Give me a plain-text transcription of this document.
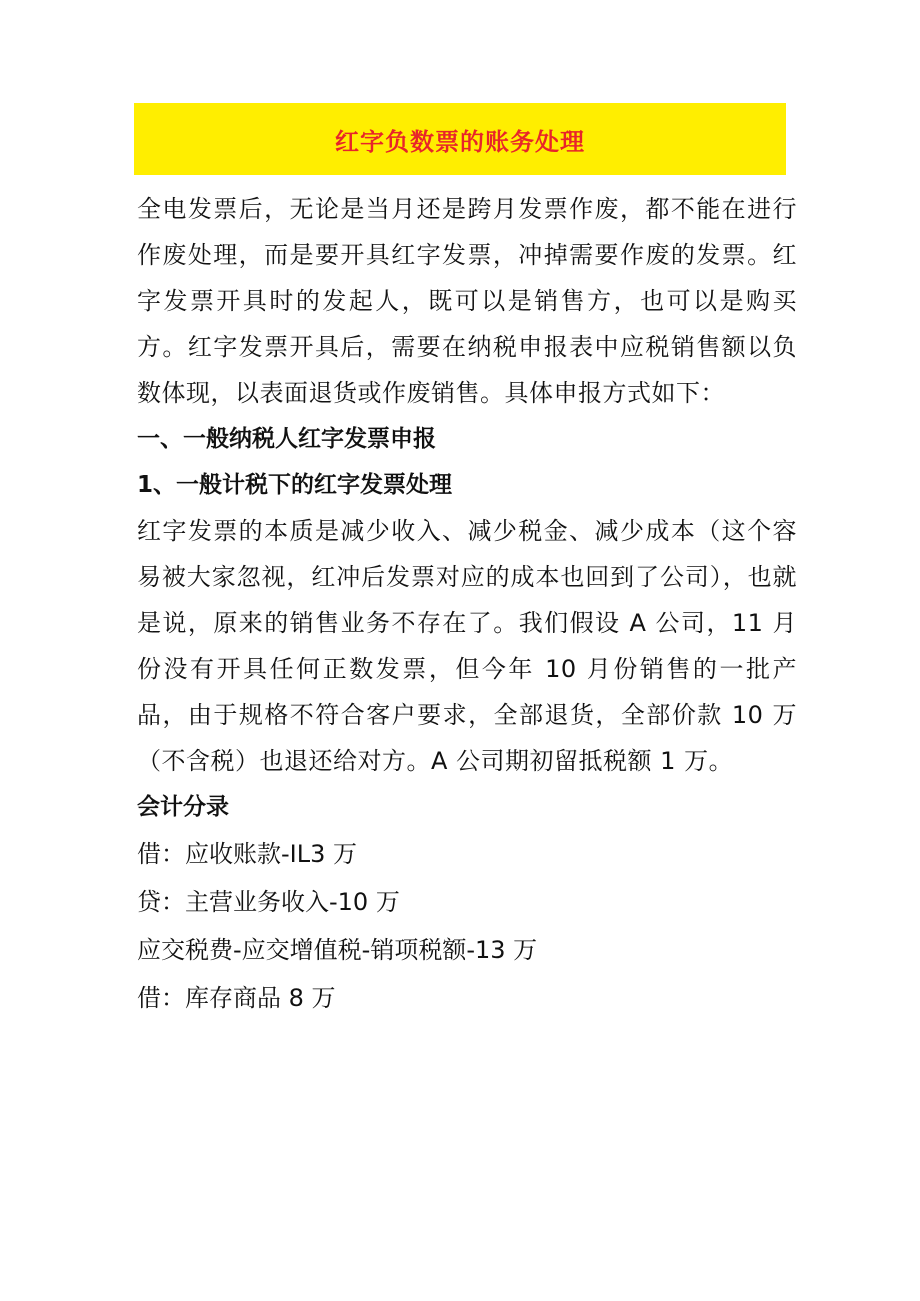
红字负数票的账务处理

全电发票后，无论是当月还是跨月发票作废，都不能在进行作废处理，而是要开具红字发票，冲掉需要作废的发票。红字发票开具时的发起人，既可以是销售方，也可以是购买方。红字发票开具后，需要在纳税申报表中应税销售额以负数体现，以表面退货或作废销售。具体申报方式如下：

一、一般纳税人红字发票申报

1、一般计税下的红字发票处理

红字发票的本质是减少收入、减少税金、减少成本（这个容易被大家忽视，红冲后发票对应的成本也回到了公司），也就是说，原来的销售业务不存在了。我们假设 A 公司，11 月份没有开具任何正数发票，但今年 10 月份销售的一批产品，由于规格不符合客户要求，全部退货，全部价款 10 万（不含税）也退还给对方。A 公司期初留抵税额 1 万。

会计分录

借：应收账款-IL3 万

贷：主营业务收入-10 万

应交税费-应交增值税-销项税额-13 万

借：库存商品 8 万
